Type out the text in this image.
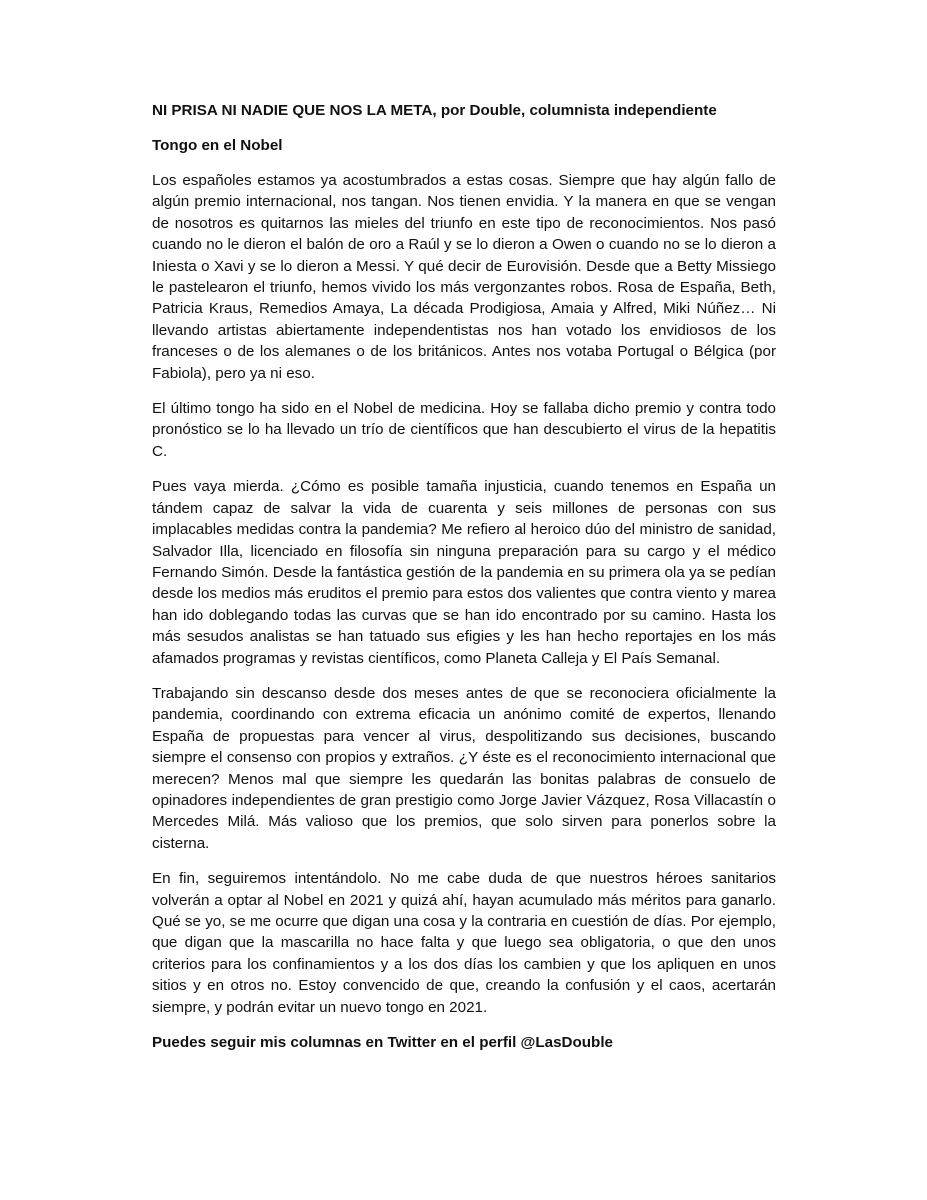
NI PRISA NI NADIE QUE NOS LA META, por Double, columnista independiente

Tongo en el Nobel

Los españoles estamos ya acostumbrados a estas cosas. Siempre que hay algún fallo de algún premio internacional, nos tangan. Nos tienen envidia. Y la manera en que se vengan de nosotros es quitarnos las mieles del triunfo en este tipo de reconocimientos. Nos pasó cuando no le dieron el balón de oro a Raúl y se lo dieron a Owen o cuando no se lo dieron a Iniesta o Xavi y se lo dieron a Messi. Y qué decir de Eurovisión. Desde que a Betty Missiego le pastelearon el triunfo, hemos vivido los más vergonzantes robos. Rosa de España, Beth, Patricia Kraus, Remedios Amaya, La década Prodigiosa, Amaia y Alfred, Miki Núñez… Ni llevando artistas abiertamente independentistas nos han votado los envidiosos de los franceses o de los alemanes o de los británicos. Antes nos votaba Portugal o Bélgica (por Fabiola), pero ya ni eso.

El último tongo ha sido en el Nobel de medicina. Hoy se fallaba dicho premio y contra todo pronóstico se lo ha llevado un trío de científicos que han descubierto el virus de la hepatitis C.

Pues vaya mierda. ¿Cómo es posible tamaña injusticia, cuando tenemos en España un tándem capaz de salvar la vida de cuarenta y seis millones de personas con sus implacables medidas contra la pandemia? Me refiero al heroico dúo del ministro de sanidad, Salvador Illa, licenciado en filosofía sin ninguna preparación para su cargo y el médico Fernando Simón. Desde la fantástica gestión de la pandemia en su primera ola ya se pedían desde los medios más eruditos el premio para estos dos valientes que contra viento y marea han ido doblegando todas las curvas que se han ido encontrado por su camino. Hasta los más sesudos analistas se han tatuado sus efigies y les han hecho reportajes en los más afamados programas y revistas científicos, como Planeta Calleja y El País Semanal.

Trabajando sin descanso desde dos meses antes de que se reconociera oficialmente la pandemia, coordinando con extrema eficacia un anónimo comité de expertos, llenando España de propuestas para vencer al virus, despolitizando sus decisiones, buscando siempre el consenso con propios y extraños. ¿Y éste es el reconocimiento internacional que merecen? Menos mal que siempre les quedarán las bonitas palabras de consuelo de opinadores independientes de gran prestigio como Jorge Javier Vázquez, Rosa Villacastín o Mercedes Milá. Más valioso que los premios, que solo sirven para ponerlos sobre la cisterna.

En fin, seguiremos intentándolo. No me cabe duda de que nuestros héroes sanitarios volverán a optar al Nobel en 2021 y quizá ahí, hayan acumulado más méritos para ganarlo. Qué se yo, se me ocurre que digan una cosa y la contraria en cuestión de días. Por ejemplo, que digan que la mascarilla no hace falta y que luego sea obligatoria, o que den unos criterios para los confinamientos y a los dos días los cambien y que los apliquen en unos sitios y en otros no. Estoy convencido de que, creando la confusión y el caos, acertarán siempre, y podrán evitar un nuevo tongo en 2021.

Puedes seguir mis columnas en Twitter en el perfil @LasDouble
